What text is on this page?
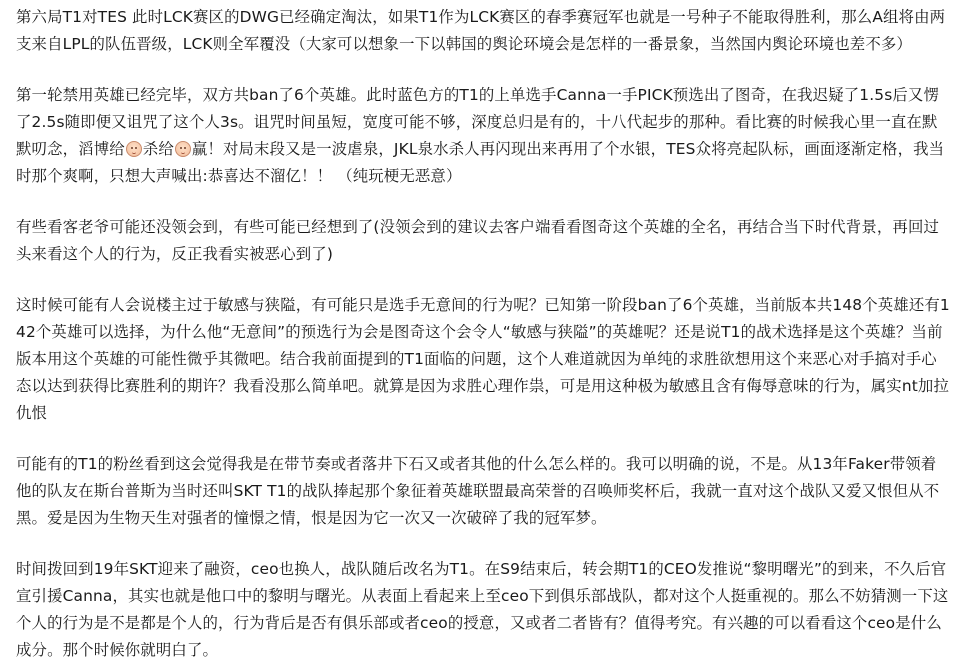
第六局T1对TES 此时LCK赛区的DWG已经确定淘汰，如果T1作为LCK赛区的春季赛冠军也就是一号种子不能取得胜利，那么A组将由两支来自LPL的队伍晋级，LCK则全军覆没（大家可以想象一下以韩国的舆论环境会是怎样的一番景象，当然国内舆论环境也差不多）

第一轮禁用英雄已经完毕，双方共ban了6个英雄。此时蓝色方的T1的上单选手Canna一手PICK预选出了图奇，在我迟疑了1.5s后又愣了2.5s随即便又诅咒了这个人3s。诅咒时间虽短，宽度可能不够，深度总归是有的，十八代起步的那种。看比赛的时候我心里一直在默默叨念，滔博给 杀给 赢！对局末段又是一波虐泉，JKL泉水杀人再闪现出来再用了个水银，TES众将亮起队标，画面逐渐定格，我当时那个爽啊，只想大声喊出:恭喜达不溜亿！！ （纯玩梗无恶意）

有些看客老爷可能还没领会到，有些可能已经想到了(没领会到的建议去客户端看看图奇这个英雄的全名，再结合当下时代背景，再回过头来看这个人的行为，反正我看实被恶心到了)

这时候可能有人会说楼主过于敏感与狭隘，有可能只是选手无意间的行为呢？已知第一阶段ban了6个英雄，当前版本共148个英雄还有142个英雄可以选择，为什么他“无意间”的预选行为会是图奇这个会令人“敏感与狭隘”的英雄呢？还是说T1的战术选择是这个英雄？当前版本用这个英雄的可能性微乎其微吧。结合我前面提到的T1面临的问题，这个人难道就因为单纯的求胜欲想用这个来恶心对手搞对手心态以达到获得比赛胜利的期许？我看没那么简单吧。就算是因为求胜心理作祟，可是用这种极为敏感且含有侮辱意味的行为，属实nt加拉仇恨

可能有的T1的粉丝看到这会觉得我是在带节奏或者落井下石又或者其他的什么怎么样的。我可以明确的说，不是。从13年Faker带领着他的队友在斯台普斯为当时还叫SKT T1的战队捧起那个象征着英雄联盟最高荣誉的召唤师奖杯后，我就一直对这个战队又爱又恨但从不黑。爱是因为生物天生对强者的憧憬之情，恨是因为它一次又一次破碎了我的冠军梦。

时间拨回到19年SKT迎来了融资，ceo也换人，战队随后改名为T1。在S9结束后，转会期T1的CEO发推说“黎明曙光”的到来，不久后官宣引援Canna，其实也就是他口中的黎明与曙光。从表面上看起来上至ceo下到俱乐部战队，都对这个人挺重视的。那么不妨猜测一下这个人的行为是不是都是个人的，行为背后是否有俱乐部或者ceo的授意，又或者二者皆有？值得考究。有兴趣的可以看看这个ceo是什么成分。那个时候你就明白了。
